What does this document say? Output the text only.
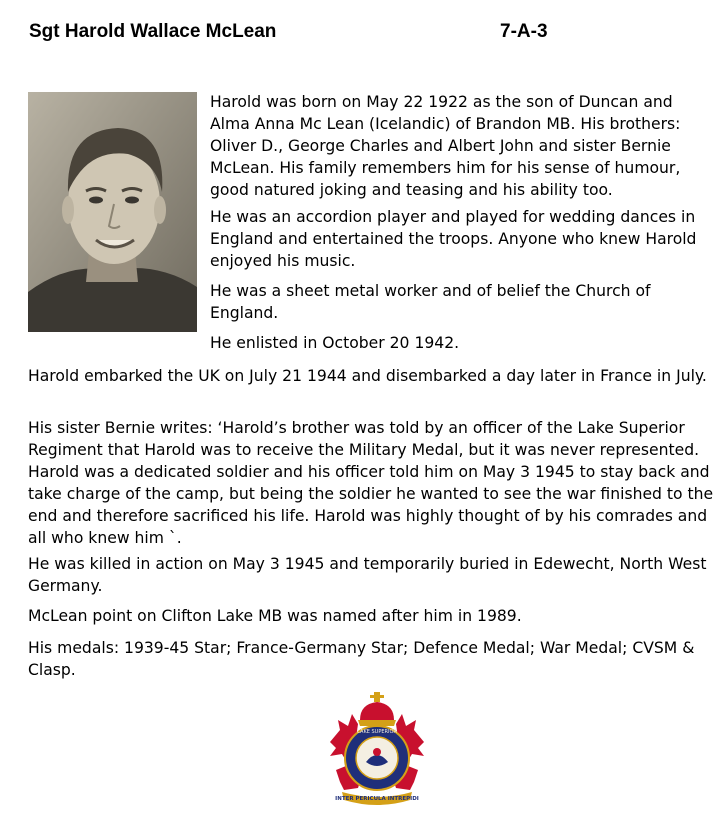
Sgt Harold Wallace McLean	7-A-3

Harold was born on May 22 1922 as the son of Duncan and Alma Anna Mc Lean (Icelandic) of Brandon MB. His brothers: Oliver D., George Charles and Albert John and sister Bernie McLean. His family remembers him for his sense of humour, good natured joking and teasing and his ability too.

He was an accordion player and played for wedding dances in England and entertained the troops. Anyone who knew Harold enjoyed his music.

He was a sheet metal worker and of belief the Church of England.

He enlisted in October 20 1942.

Harold embarked the UK on July 21 1944 and disembarked a day later in France in July.

His sister Bernie writes: ‘Harold’s brother was told by an officer of the Lake Superior Regiment that Harold was to receive the Military Medal, but it was never represented. Harold was a dedicated soldier and his officer told him on May 3 1945 to stay back and take charge of the camp, but being the soldier he wanted to see the war finished to the end and therefore sacrificed his life. Harold was highly thought of by his comrades and all who knew him `.

He was killed in action on May 3 1945 and temporarily buried in Edewecht, North West Germany.

McLean point on Clifton Lake MB was named after him in 1989.

His medals: 1939-45 Star; France-Germany Star; Defence Medal; War Medal; CVSM & Clasp.

LAKE SUPERIOR
INTER PERICULA INTREPIDI
